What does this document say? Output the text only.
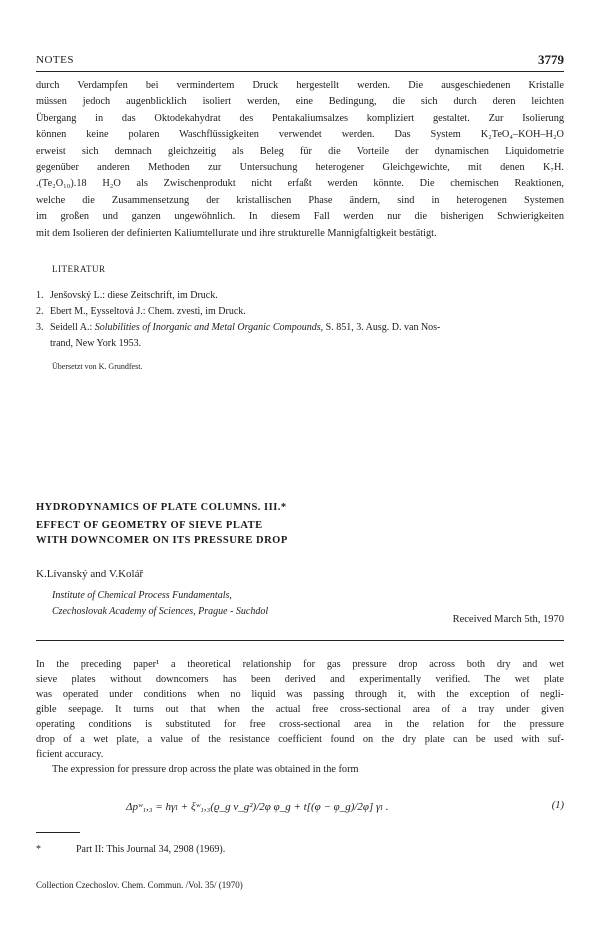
NOTES	3779
durch Verdampfen bei vermindertem Druck hergestellt werden. Die ausgeschiedenen Kristalle
müssen jedoch augenblicklich isoliert werden, eine Bedingung, die sich durch deren leichten
Übergang in das Oktodekahydrat des Pentakaliumsalzes kompliziert gestaltet. Zur Isolierung
können keine polaren Waschflüssigkeiten verwendet werden. Das System K₂TeO₄–KOH–H₂O
erweist sich demnach gleichzeitig als Beleg für die Vorteile der dynamischen Liquidometrie
gegenüber anderen Methoden zur Untersuchung heterogener Gleichgewichte, mit denen K₇H.
.(Te₂O₁₀).18 H₂O als Zwischenprodukt nicht erfaßt werden könnte. Die chemischen Reaktionen,
welche die Zusammensetzung der kristallischen Phase ändern, sind in heterogenen Systemen
im großen und ganzen ungewöhnlich. In diesem Fall werden nur die bisherigen Schwierigkeiten
mit dem Isolieren der definierten Kaliumtellurate und ihre strukturelle Mannigfaltigkeit bestätigt.
LITERATUR
1. Jenšovský L.: diese Zeitschrift, im Druck.
2. Ebert M., Eysseltová J.: Chem. zvesti, im Druck.
3. Seidell A.: Solubilities of Inorganic and Metal Organic Compounds, S. 851, 3. Ausg. D. van Nos-
trand, New York 1953.
Übersetzt von K. Grundfest.
HYDRODYNAMICS OF PLATE COLUMNS. III.*
EFFECT OF GEOMETRY OF SIEVE PLATE
WITH DOWNCOMER ON ITS PRESSURE DROP
K.Lívanský and V.Kolář
Institute of Chemical Process Fundamentals,
Czechoslovak Academy of Sciences, Prague - Suchdol
Received March 5th, 1970
In the preceding paper¹ a theoretical relationship for gas pressure drop across both dry and wet
sieve plates without downcomers has been derived and experimentally verified. The wet plate
was operated under conditions when no liquid was passing through it, with the exception of negli-
gible seepage. It turns out that when the actual free cross-sectional area of a tray under given
operating conditions is substituted for free cross-sectional area in the relation for the pressure
drop of a wet plate, a value of the resistance coefficient found on the dry plate can be used with suf-
ficient accuracy.
The expression for pressure drop across the plate was obtained in the form
Δpʷ₁,₃ = hγₗ + ξʷ₁,₃(ϱ_g v_g²)/2φ φ_g + t[(φ − φ_g)/2φ] γₗ .	(1)
*	Part II: This Journal 34, 2908 (1969).
Collection Czechoslov. Chem. Commun. /Vol. 35/ (1970)
